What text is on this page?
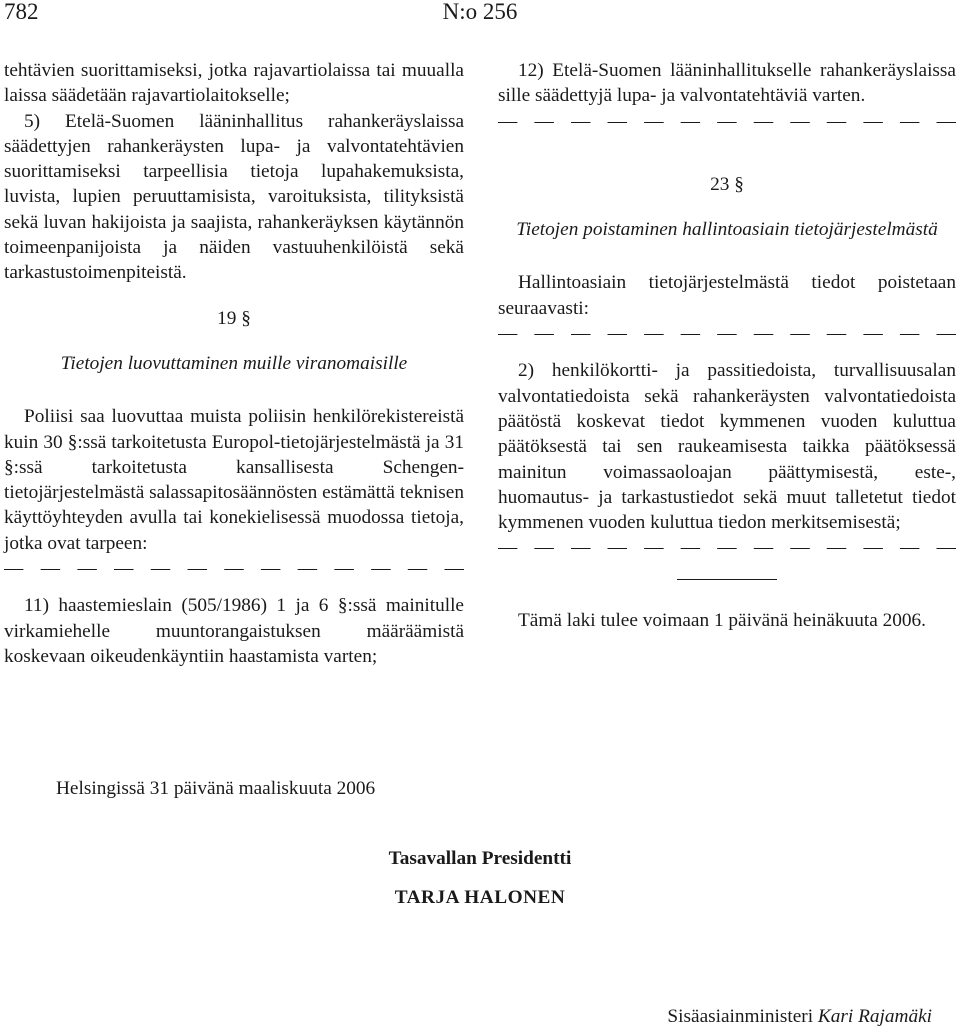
782	N:o 256

tehtävien suorittamiseksi, jotka rajavartiolaissa tai muualla laissa säädetään rajavartiolaitokselle;

5) Etelä-Suomen lääninhallitus rahankeräyslaissa säädettyjen rahankeräysten lupa- ja valvontatehtävien suorittamiseksi tarpeellisia tietoja lupahakemuksista, luvista, lupien peruuttamisista, varoituksista, tilityksistä sekä luvan hakijoista ja saajista, rahankeräyksen käytännön toimeenpanijoista ja näiden vastuuhenkilöistä sekä tarkastustoimenpiteistä.

19 §

Tietojen luovuttaminen muille viranomaisille

Poliisi saa luovuttaa muista poliisin henkilörekistereistä kuin 30 §:ssä tarkoitetusta Europol-tietojärjestelmästä ja 31 §:ssä tarkoitetusta kansallisesta Schengen-tietojärjestelmästä salassapitosäännösten estämättä teknisen käyttöyhteyden avulla tai konekielisessä muodossa tietoja, jotka ovat tarpeen:

— — — — — — — — — — — — —

11) haastemieslain (505/1986) 1 ja 6 §:ssä mainitulle virkamiehelle muuntorangaistuksen määräämistä koskevaan oikeudenkäyntiin haastamista varten;

12) Etelä-Suomen lääninhallitukselle rahankeräyslaissa sille säädettyjä lupa- ja valvontatehtäviä varten.

— — — — — — — — — — — — —

23 §

Tietojen poistaminen hallintoasiain tietojärjestelmästä

Hallintoasiain tietojärjestelmästä tiedot poistetaan seuraavasti:

— — — — — — — — — — — — —

2) henkilökortti- ja passitiedoista, turvallisuusalan valvontatiedoista sekä rahankeräysten valvontatiedoista päätöstä koskevat tiedot kymmenen vuoden kuluttua päätöksestä tai sen raukeamisesta taikka päätöksessä mainitun voimassaoloajan päättymisestä, este-, huomautus- ja tarkastustiedot sekä muut talletetut tiedot kymmenen vuoden kuluttua tiedon merkitsemisestä;

— — — — — — — — — — — — —

Tämä laki tulee voimaan 1 päivänä heinäkuuta 2006.

Helsingissä 31 päivänä maaliskuuta 2006
Tasavallan Presidentti
TARJA HALONEN
Sisäasiainministeri Kari Rajamäki
